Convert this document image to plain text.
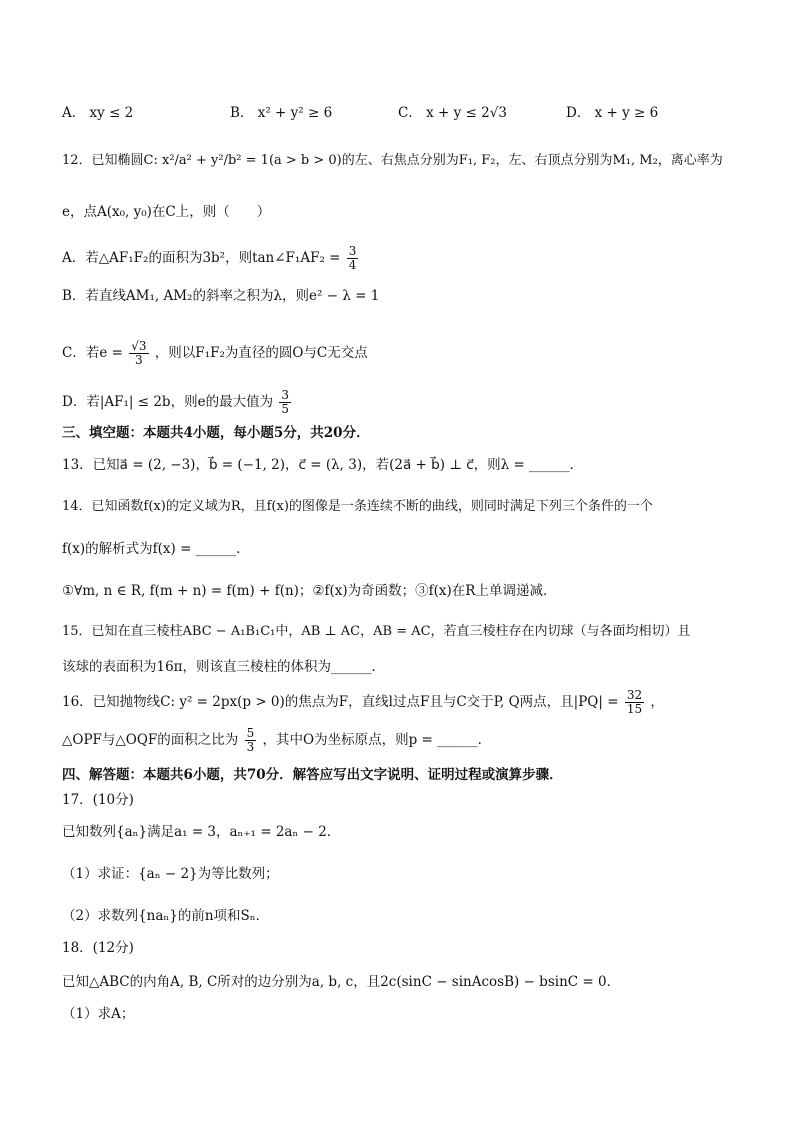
A． xy ≤ 2	B． x² + y² ≥ 6	C． x + y ≤ 2√3	D． x + y ≥ 6
12．已知椭圆C: x²/a² + y²/b² = 1(a > b > 0)的左、右焦点分别为F₁, F₂，左、右顶点分别为M₁, M₂，离心率为
e，点A(x₀, y₀)在C上，则（　　）
A．若△AF₁F₂的面积为3b²，则tan∠F₁AF₂ = $\frac{3}{4}$
B．若直线AM₁, AM₂的斜率之积为λ，则e² − λ = 1
C．若$e = \frac{√3}{3}$ ，则以F₁F₂为直径的圆O与C无交点
D．若|AF₁| ≤ 2b，则e的最大值为 $\frac{3}{5}$
三、填空题：本题共4小题，每小题5分，共20分．
13．已知a⃗ = (2, −3)，b⃗ = (−1, 2)，c⃗ = (λ, 3)，若(2a⃗ + b⃗) ⊥ c⃗，则λ = ______．
14．已知函数f(x)的定义域为R，且f(x)的图像是一条连续不断的曲线，则同时满足下列三个条件的一个
f(x)的解析式为f(x) = ______．
①∀m, n ∈ R, f(m + n) = f(m) + f(n)；②f(x)为奇函数；③f(x)在R上单调递减．
15．已知在直三棱柱ABC − A₁B₁C₁中，AB ⊥ AC，AB = AC，若直三棱柱存在内切球（与各面均相切）且
该球的表面积为16π，则该直三棱柱的体积为______．
16．已知抛物线C: y² = 2px(p > 0)的焦点为F，直线l过点F且与C交于P, Q两点，且$|PQ| = \frac{32}{15}$ ，
△OPF与△OQF的面积之比为 $\frac{5}{3}$ ，其中O为坐标原点，则p = ______．
四、解答题：本题共6小题，共70分．解答应写出文字说明、证明过程或演算步骤．
17．(10分)
已知数列{aₙ}满足a₁ = 3，aₙ₊₁ = 2aₙ − 2．
（1）求证：{aₙ − 2}为等比数列；
（2）求数列{naₙ}的前n项和Sₙ．
18．(12分)
已知△ABC的内角A, B, C所对的边分别为a, b, c，且2c(sinC − sinAcosB) − bsinC = 0．
（1）求A；
